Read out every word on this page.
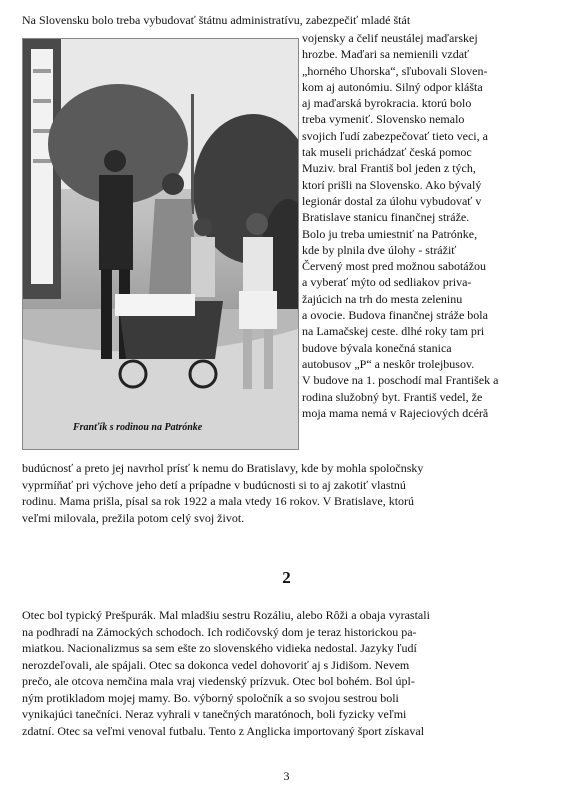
Na Slovensku bolo treba vybudovať štátnu administratívu, zabezpečiť mladé štát
Franťík s rodinou na Patrónke
vojenskу a čelif neustálej maďarskej
hrozbe. Maďari sa nemienili vzdať
„horného Uhorska“, sľubovali Sloven-
kom aj autonómiu. Silný odpor kláštа
aj maďarská byrokracia. ktorú bolo
treba vymeniť. Slovensko nemalo
svojich ľudí zabezpečovať tieto veci, a
tak museli prichádzať česká pomoc
Muziv. bral Františ bol jeden z tých,
ktorí prišli na Slovensko. Ako bývalý
legionár dostal za úlohu vybudovať v
Bratislave stanicu finančnej stráže.
Bolo ju treba umiestniť na Patrónke,
kde by plnila dve úlohy - strážiť
Červený most pred možnou sabotážou
a vyberať mýto od sedliakov priva-
žajúcich na trh do mesta zeleninu
a ovocie. Budova finančnej stráže bola
na Lamačskej ceste. dlhé roky tam pri
budove bývala konečná stanica
autobusov „P“ a neskôr trolejbusov.
V budove na 1. poschodí mal František a
rodina služobný byt. Františ vedel, že
moja mama nemá v Rajeciových dcéră
budúcnosť a preto jej navrhol prísť k nemu do Bratislavy, kde by mohla spoločnsky
vyprmíňať pri výchove jeho detí a prípadne v budúcnosti si to aj zakotiť vlastnú
rodinu. Mama prišla, písal sa rok 1922 a mala vtedy 16 rokov. V Bratislave, ktorú
veľmi milovala, prežila potom celý svoj život.
2
Otec bol typický Prešpurák. Mal mladšiu sestru Rozáliu, alebo Rôži a obaja vyrastali
na podhradí na Zámockých schodoch. Ich rodičovský dom je teraz historickou pa-
miatkou. Nacionalizmus sa sem ešte zo slovenského vidieka nedostal. Jazyky ľudí
nerozdeľovali, ale spájali. Otec sa dokonca vedel dohovoriť aj s Jidišom. Nevem
prečo, ale otcova nemčina mala vraj viedenský prízvuk. Otec bol bohém. Bol úpl-
ným protikladom mojej mamy. Bo. výborný spoločník a so svojou sestrou boli
vynikajúci tanečníci. Neraz vyhrali v tanečných maratónoch, boli fyzicky veľmi
zdatní. Otec sa veľmi venoval futbalu. Tento z Anglicka importovaný šport získaval
3
